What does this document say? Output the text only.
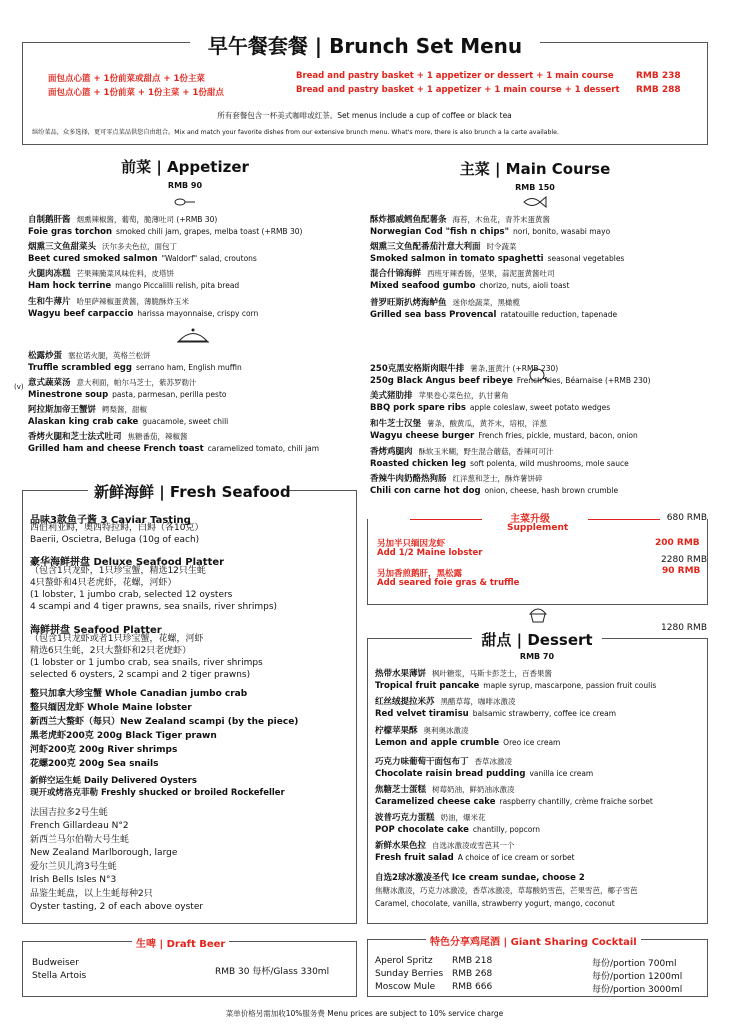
早午餐套餐 | Brunch Set Menu
面包点心篮 + 1份前菜或甜点 + 1份主菜	Bread and pastry basket + 1 appetizer or dessert + 1 main course RMB 238
面包点心篮 + 1份前菜 + 1份主菜 + 1份甜点	Bread and pastry basket + 1 appetizer + 1 main course + 1 dessert RMB 288
所有套餐包含一杯美式咖啡或红茶。Set menus include a cup of coffee or black tea
缤纷菜品，众多选择，更可零点菜品供您自由组合。Mix and match your favorite dishes from our extensive brunch menu. What's more, there is also brunch a la carte available.
前菜 | Appetizer
RMB 90
自制鹅肝酱 烟熏辣椒酱，葡萄，脆薄吐司 (+RMB 30)
Foie gras torchon smoked chili jam, grapes, melba toast (+RMB 30)
烟熏三文鱼甜菜头 沃尔多夫色拉，面包丁
Beet cured smoked salmon "Waldorf" salad, croutons
火腿肉冻糕 芒果辣腌菜风味佐料，皮塔饼
Ham hock terrine mango Piccalilli relish, pita bread
生和牛薄片 哈里萨辣椒蛋黄酱，薄脆酥炸玉米
Wagyu beef carpaccio harissa mayonnaise, crispy corn
(v)
松露炒蛋 塞拉诺火腿，英格兰松饼
Truffle scrambled egg serrano ham, English muffin
意式蔬菜汤 意大利面，帕尔马芝士，紫苏罗勒汁
Minestrone soup pasta, parmesan, perilla pesto
阿拉斯加帝王蟹饼 鳄梨酱，甜椒
Alaskan king crab cake guacamole, sweet chili
香烤火腿和芝士法式吐司 焦糖番茄，辣椒酱
Grilled ham and cheese French toast caramelized tomato, chili jam
主菜 | Main Course
RMB 150
酥炸挪威鳕鱼配薯条 海苔，木鱼花，青芥末蛋黄酱
Norwegian Cod "fish n chips" nori, bonito, wasabi mayo
烟熏三文鱼配番茄汁意大利面 时令蔬菜
Smoked salmon in tomato spaghetti seasonal vegetables
混合什锦海鲜 西班牙辣香肠，坚果，蒜泥蛋黄酱吐司
Mixed seafood gumbo chorizo, nuts, aioli toast
普罗旺斯扒烤海鲈鱼 迷你烩蔬菜，黑橄榄
Grilled sea bass Provencal ratatouille reduction, tapenade
250克黑安格斯肉眼牛排 薯条,蛋黄汁 (+RMB 230)
250g Black Angus beef ribeye French fries, Béarnaise (+RMB 230)
美式猪肋排 苹果卷心菜色拉，扒甘薯角
BBQ pork spare ribs apple coleslaw, sweet potato wedges
和牛芝士汉堡 薯条，酸黄瓜，黄芥末，培根，洋葱
Wagyu cheese burger French fries, pickle, mustard, bacon, onion
香烤鸡腿肉 酥软玉米糊，野生混合蘑菇，香辣可可汁
Roasted chicken leg soft polenta, wild mushrooms, mole sauce
香辣牛肉奶酪热狗肠 红洋葱和芝士，酥炸薯饼碎
Chili con carne hot dog onion, cheese, hash brown crumble
主菜升级
Supplement
另加半只缅因龙虾
Add 1/2 Maine lobster
200 RMB
另加香煎鹅肝，黑松露
Add seared foie gras & truffle
90 RMB
新鲜海鲜 | Fresh Seafood
品味3款鱼子酱 3 Caviar Tasting
西伯利亚鲟，奥西特拉鲟，白鲟（各10克）
Baerii, Oscietra, Beluga (10g of each)
680 RMB
豪华海鲜拼盘 Deluxe Seafood Platter
（包含1只龙虾，1只珍宝蟹，精选12只生蚝
4只螯虾和4只老虎虾，花螺，河虾）
(1 lobster, 1 jumbo crab, selected 12 oysters
4 scampi and 4 tiger prawns, sea snails, river shrimps)
2280 RMB
海鲜拼盘 Seafood Platter
（包含1只龙虾或者1只珍宝蟹，花螺，河虾
精选6只生蚝，2只大螯虾和2只老虎虾）
(1 lobster or 1 jumbo crab, sea snails, river shrimps
selected 6 oysters, 2 scampi and 2 tiger prawns)
1280 RMB
整只加拿大珍宝蟹 Whole Canadian jumbo crab
整只缅因龙虾 Whole Maine lobster
新西兰大螯虾（每只）New Zealand scampi (by the piece)
黑老虎虾200克 200g Black Tiger prawn
河虾200克 200g River shrimps
花螺200克 200g Sea snails
新鲜空运生蚝 Daily Delivered Oysters
现开或烤洛克菲勒 Freshly shucked or broiled Rockefeller
法国吉拉多2号生蚝
French Gillardeau N°2
新西兰马尔伯勒大号生蚝
New Zealand Marlborough, large
爱尔兰贝儿湾3号生蚝
Irish Bells Isles N°3
品鉴生蚝盘，以上生蚝每种2只
Oyster tasting, 2 of each above oyster
甜点 | Dessert
RMB 70
热带水果薄饼 枫叶糖浆，马斯卡彭芝士，百香果酱
Tropical fruit pancake maple syrup, mascarpone, passion fruit coulis
红丝绒提拉米苏 黑醋草莓，咖啡冰激凌
Red velvet tiramisu balsamic strawberry, coffee ice cream
柠檬苹果酥 奥利奥冰激凌
Lemon and apple crumble Oreo ice cream
巧克力味葡萄干面包布丁 香草冰激凌
Chocolate raisin bread pudding vanilla ice cream
焦糖芝士蛋糕 树莓奶油，鲜奶油冰激凌
Caramelized cheese cake raspberry chantilly, crème fraiche sorbet
波普巧克力蛋糕 奶油，爆米花
POP chocolate cake chantilly, popcorn
新鲜水果色拉 自选冰激凌或雪芭其一个
Fresh fruit salad A choice of ice cream or sorbet
自选2球冰激凌圣代 Ice cream sundae, choose 2
焦糖冰激凌，巧克力冰激凌，香草冰激凌，草莓酸奶雪芭，芒果雪芭，椰子雪芭
Caramel, chocolate, vanilla, strawberry yogurt, mango, coconut
生啤 | Draft Beer
Budweiser
Stella Artois	RMB 30 每杯/Glass 330ml
特色分享鸡尾酒 | Giant Sharing Cocktail
Aperol Spritz RMB 218	每份/portion 700ml
Sunday Berries RMB 268	每份/portion 1200ml
Moscow Mule RMB 666	每份/portion 3000ml
菜单价格另需加收10%服务费 Menu prices are subject to 10% service charge
